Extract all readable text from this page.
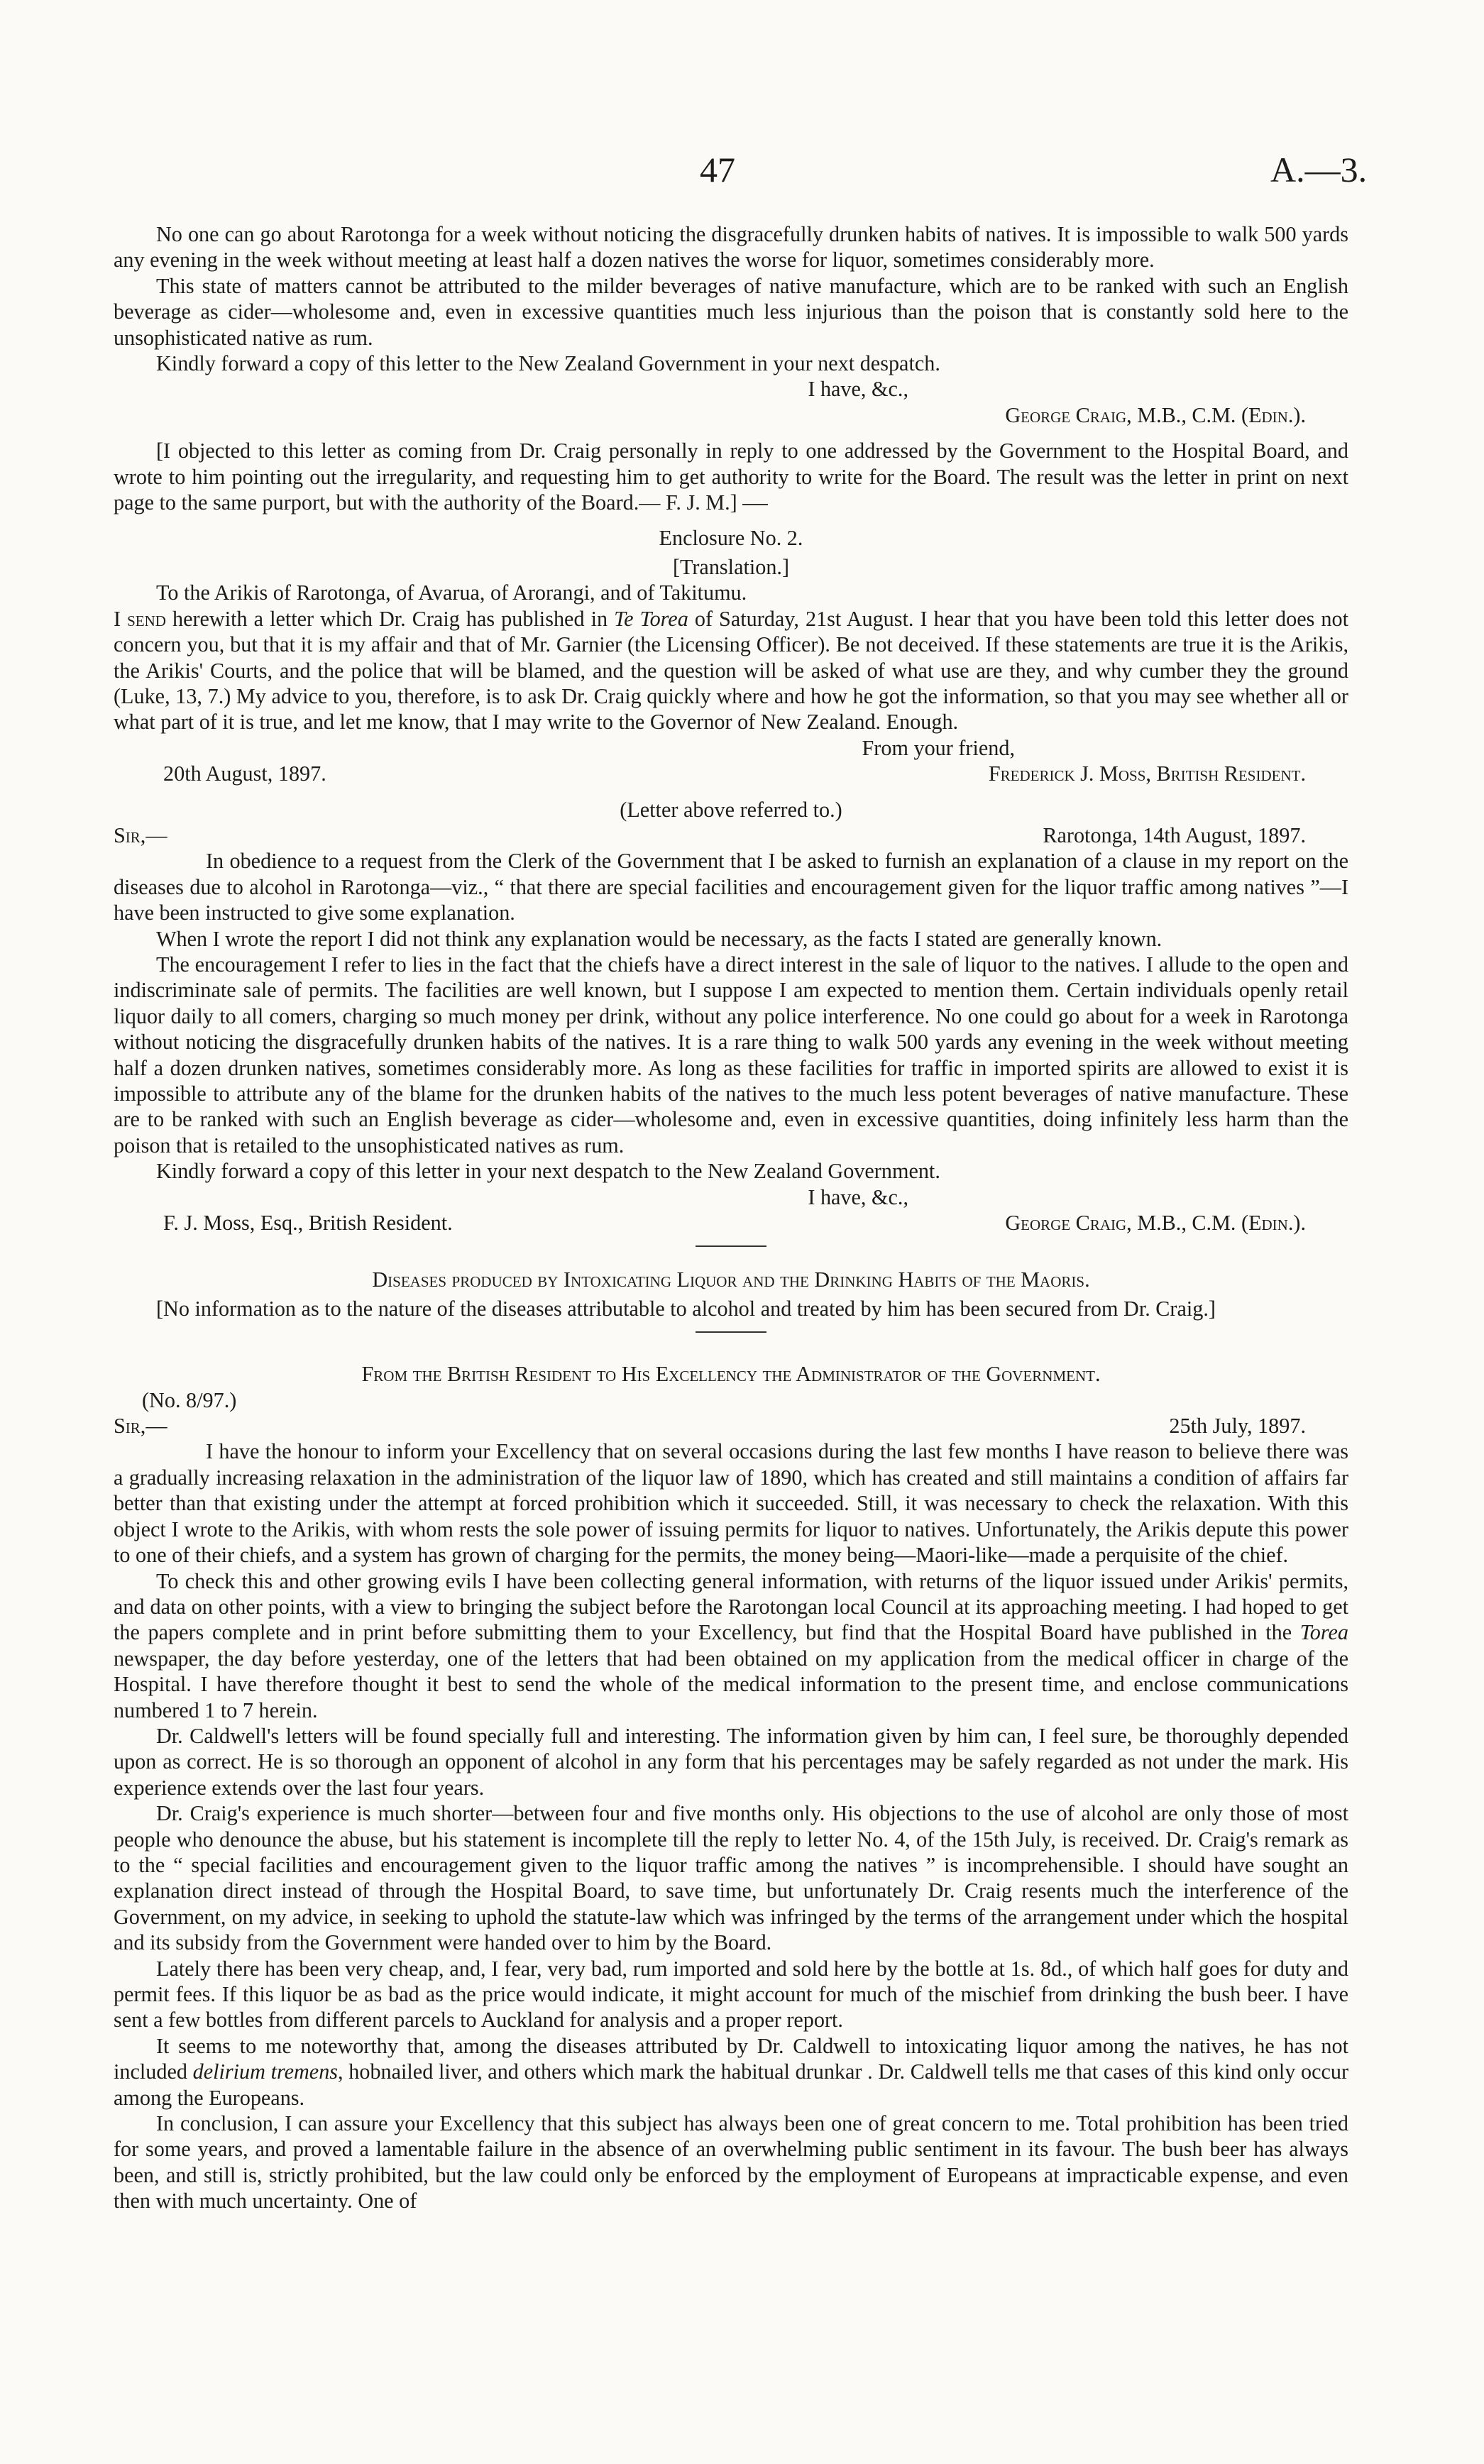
47	A.—3.

No one can go about Rarotonga for a week without noticing the disgracefully drunken habits of natives. It is impossible to walk 500 yards any evening in the week without meeting at least half a dozen natives the worse for liquor, sometimes considerably more.

This state of matters cannot be attributed to the milder beverages of native manufacture, which are to be ranked with such an English beverage as cider—wholesome and, even in excessive quantities much less injurious than the poison that is constantly sold here to the unsophisticated native as rum.

Kindly forward a copy of this letter to the New Zealand Government in your next despatch.

I have, &c.,

George Craig, M.B., C.M. (Edin.).

[I objected to this letter as coming from Dr. Craig personally in reply to one addressed by the Government to the Hospital Board, and wrote to him pointing out the irregularity, and requesting him to get authority to write for the Board. The result was the letter in print on next page to the same purport, but with the authority of the Board.— F. J. M.]

Enclosure No. 2.

[Translation.]

To the Arikis of Rarotonga, of Avarua, of Arorangi, and of Takitumu.

I send herewith a letter which Dr. Craig has published in Te Torea of Saturday, 21st August. I hear that you have been told this letter does not concern you, but that it is my affair and that of Mr. Garnier (the Licensing Officer). Be not deceived. If these statements are true it is the Arikis, the Arikis' Courts, and the police that will be blamed, and the question will be asked of what use are they, and why cumber they the ground (Luke, 13, 7.) My advice to you, therefore, is to ask Dr. Craig quickly where and how he got the information, so that you may see whether all or what part of it is true, and let me know, that I may write to the Governor of New Zealand. Enough.

From your friend,

20th August, 1897.	Frederick J. Moss, British Resident.

(Letter above referred to.)

Sir,—	Rarotonga, 14th August, 1897.

In obedience to a request from the Clerk of the Government that I be asked to furnish an explanation of a clause in my report on the diseases due to alcohol in Rarotonga—viz., “ that there are special facilities and encouragement given for the liquor traffic among natives ”—I have been instructed to give some explanation.

When I wrote the report I did not think any explanation would be necessary, as the facts I stated are generally known.

The encouragement I refer to lies in the fact that the chiefs have a direct interest in the sale of liquor to the natives. I allude to the open and indiscriminate sale of permits. The facilities are well known, but I suppose I am expected to mention them. Certain individuals openly retail liquor daily to all comers, charging so much money per drink, without any police interference. No one could go about for a week in Rarotonga without noticing the disgracefully drunken habits of the natives. It is a rare thing to walk 500 yards any evening in the week without meeting half a dozen drunken natives, sometimes considerably more. As long as these facilities for traffic in imported spirits are allowed to exist it is impossible to attribute any of the blame for the drunken habits of the natives to the much less potent beverages of native manufacture. These are to be ranked with such an English beverage as cider—wholesome and, even in excessive quantities, doing infinitely less harm than the poison that is retailed to the unsophisticated natives as rum.

Kindly forward a copy of this letter in your next despatch to the New Zealand Government.

I have, &c.,

F. J. Moss, Esq., British Resident.	George Craig, M.B., C.M. (Edin.).

Diseases produced by Intoxicating Liquor and the Drinking Habits of the Maoris.

[No information as to the nature of the diseases attributable to alcohol and treated by him has been secured from Dr. Craig.]

From the British Resident to His Excellency the Administrator of the Government.

(No. 8/97.)

Sir,—	25th July, 1897.

I have the honour to inform your Excellency that on several occasions during the last few months I have reason to believe there was a gradually increasing relaxation in the administration of the liquor law of 1890, which has created and still maintains a condition of affairs far better than that existing under the attempt at forced prohibition which it succeeded. Still, it was necessary to check the relaxation. With this object I wrote to the Arikis, with whom rests the sole power of issuing permits for liquor to natives. Unfortunately, the Arikis depute this power to one of their chiefs, and a system has grown of charging for the permits, the money being—Maori-like—made a perquisite of the chief.

To check this and other growing evils I have been collecting general information, with returns of the liquor issued under Arikis' permits, and data on other points, with a view to bringing the subject before the Rarotongan local Council at its approaching meeting. I had hoped to get the papers complete and in print before submitting them to your Excellency, but find that the Hospital Board have published in the Torea newspaper, the day before yesterday, one of the letters that had been obtained on my application from the medical officer in charge of the Hospital. I have therefore thought it best to send the whole of the medical information to the present time, and enclose communications numbered 1 to 7 herein.

Dr. Caldwell's letters will be found specially full and interesting. The information given by him can, I feel sure, be thoroughly depended upon as correct. He is so thorough an opponent of alcohol in any form that his percentages may be safely regarded as not under the mark. His experience extends over the last four years.

Dr. Craig's experience is much shorter—between four and five months only. His objections to the use of alcohol are only those of most people who denounce the abuse, but his statement is incomplete till the reply to letter No. 4, of the 15th July, is received. Dr. Craig's remark as to the “ special facilities and encouragement given to the liquor traffic among the natives ” is incomprehensible. I should have sought an explanation direct instead of through the Hospital Board, to save time, but unfortunately Dr. Craig resents much the interference of the Government, on my advice, in seeking to uphold the statute-law which was infringed by the terms of the arrangement under which the hospital and its subsidy from the Government were handed over to him by the Board.

Lately there has been very cheap, and, I fear, very bad, rum imported and sold here by the bottle at 1s. 8d., of which half goes for duty and permit fees. If this liquor be as bad as the price would indicate, it might account for much of the mischief from drinking the bush beer. I have sent a few bottles from different parcels to Auckland for analysis and a proper report.

It seems to me noteworthy that, among the diseases attributed by Dr. Caldwell to intoxicating liquor among the natives, he has not included delirium tremens, hobnailed liver, and others which mark the habitual drunkar . Dr. Caldwell tells me that cases of this kind only occur among the Europeans.

In conclusion, I can assure your Excellency that this subject has always been one of great concern to me. Total prohibition has been tried for some years, and proved a lamentable failure in the absence of an overwhelming public sentiment in its favour. The bush beer has always been, and still is, strictly prohibited, but the law could only be enforced by the employment of Europeans at impracticable expense, and even then with much uncertainty. One of
